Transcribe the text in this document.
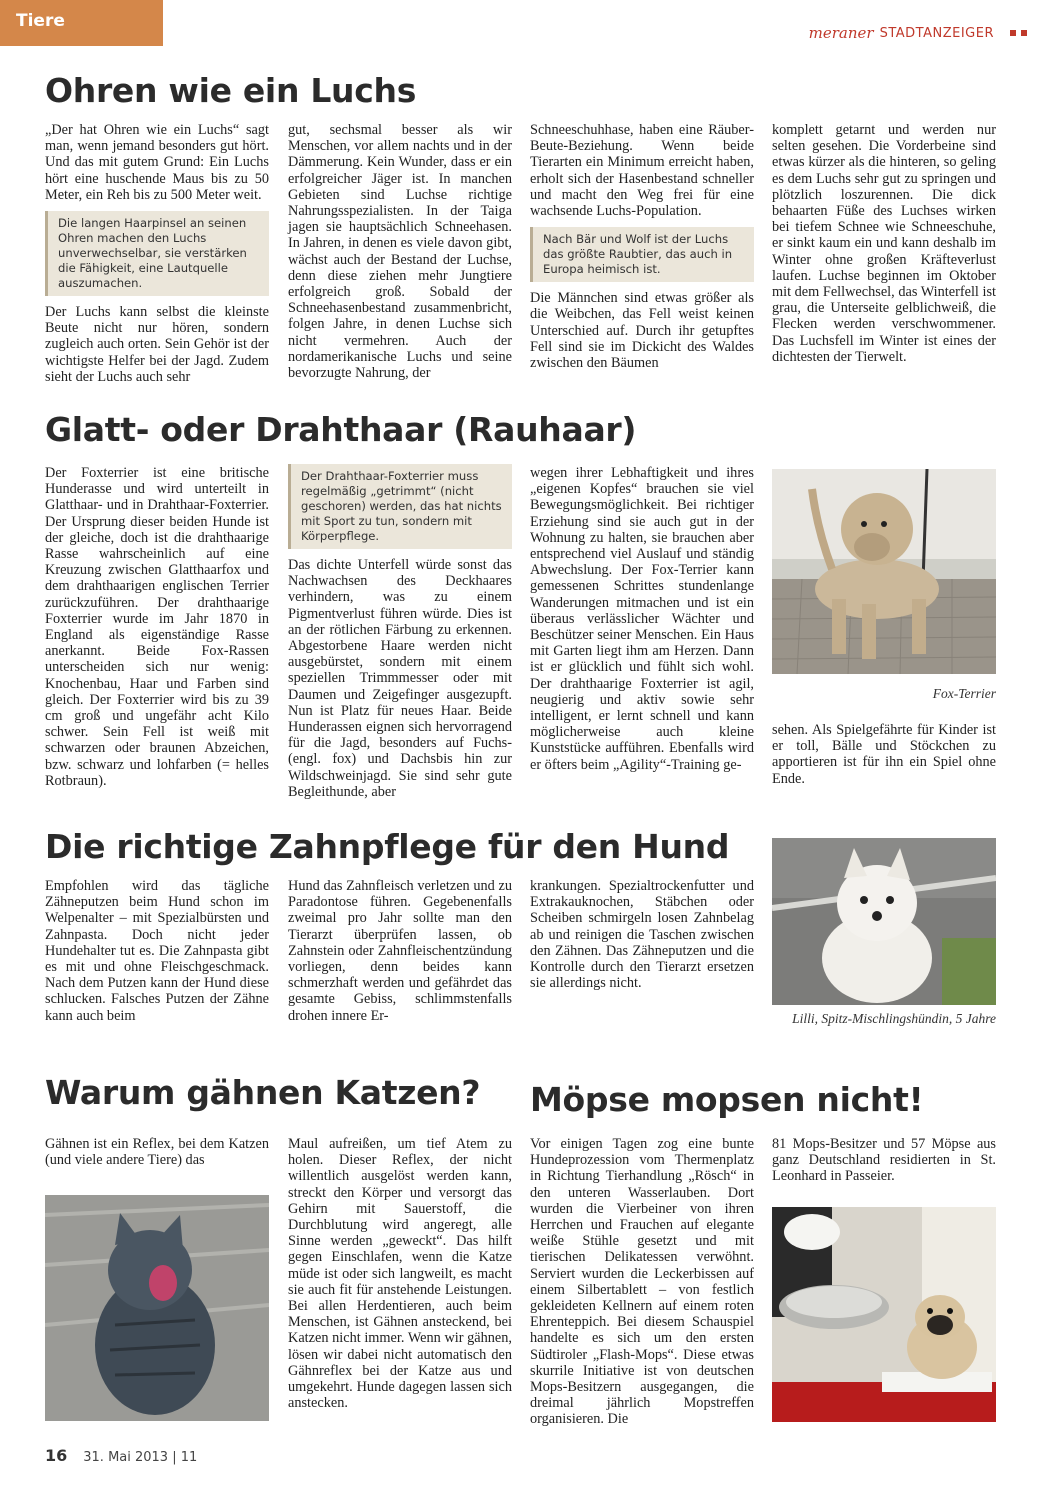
Tiere
meraner STADTANZEIGER
Ohren wie ein Luchs

„Der hat Ohren wie ein Luchs“ sagt man, wenn jemand besonders gut hört. Und das mit gutem Grund: Ein Luchs hört eine huschende Maus bis zu 50 Meter, ein Reh bis zu 500 Meter weit.

Die langen Haarpinsel an seinen Ohren machen den Luchs unverwechselbar, sie verstärken die Fähigkeit, eine Lautquelle auszumachen.

Der Luchs kann selbst die kleinste Beute nicht nur hören, sondern zugleich auch orten. Sein Gehör ist der wichtigste Helfer bei der Jagd. Zudem sieht der Luchs auch sehr

gut, sechsmal besser als wir Menschen, vor allem nachts und in der Dämmerung. Kein Wunder, dass er ein erfolgreicher Jäger ist. In manchen Gebieten sind Luchse richtige Nahrungsspezialisten. In der Taiga jagen sie hauptsächlich Schneehasen. In Jahren, in denen es viele davon gibt, wächst auch der Bestand der Luchse, denn diese ziehen mehr Jungtiere erfolgreich groß. Sobald der Schneehasenbestand zusammenbricht, folgen Jahre, in denen Luchse sich nicht vermehren. Auch der nordamerikanische Luchs und seine bevorzugte Nahrung, der

Schneeschuhhase, haben eine Räuber-Beute-Beziehung. Wenn beide Tierarten ein Minimum erreicht haben, erholt sich der Hasenbestand schneller und macht den Weg frei für eine wachsende Luchs-Population.

Nach Bär und Wolf ist der Luchs das größte Raubtier, das auch in Europa heimisch ist.

Die Männchen sind etwas größer als die Weibchen, das Fell weist keinen Unterschied auf. Durch ihr getupftes Fell sind sie im Dickicht des Waldes zwischen den Bäumen

komplett getarnt und werden nur selten gesehen. Die Vorderbeine sind etwas kürzer als die hinteren, so geling es dem Luchs sehr gut zu springen und plötzlich loszurennen. Die dick behaarten Füße des Luchses wirken bei tiefem Schnee wie Schneeschuhe, er sinkt kaum ein und kann deshalb im Winter ohne großen Kräfteverlust laufen. Luchse beginnen im Oktober mit dem Fellwechsel, das Winterfell ist grau, die Unterseite gelblichweiß, die Flecken werden verschwommener. Das Luchsfell im Winter ist eines der dichtesten der Tierwelt.

Glatt- oder Drahthaar (Rauhaar)

Der Foxterrier ist eine britische Hunderasse und wird unterteilt in Glatthaar- und in Drahthaar-Foxterrier. Der Ursprung dieser beiden Hunde ist der gleiche, doch ist die drahthaarige Rasse wahrscheinlich auf eine Kreuzung zwischen Glatthaarfox und dem drahthaarigen englischen Terrier zurückzuführen. Der drahthaarige Foxterrier wurde im Jahr 1870 in England als eigenständige Rasse anerkannt. Beide Fox-Rassen unterscheiden sich nur wenig: Knochenbau, Haar und Farben sind gleich. Der Foxterrier wird bis zu 39 cm groß und ungefähr acht Kilo schwer. Sein Fell ist weiß mit schwarzen oder braunen Abzeichen, bzw. schwarz und lohfarben (= helles Rotbraun).

Der Drahthaar-Foxterrier muss regelmäßig „getrimmt“ (nicht geschoren) werden, das hat nichts mit Sport zu tun, sondern mit Körperpflege.

Das dichte Unterfell würde sonst das Nachwachsen des Deckhaares verhindern, was zu einem Pigmentverlust führen würde. Dies ist an der rötlichen Färbung zu erkennen. Abgestorbene Haare werden nicht ausgebürstet, sondern mit einem speziellen Trimmmesser oder mit Daumen und Zeigefinger ausgezupft. Nun ist Platz für neues Haar. Beide Hunderassen eignen sich hervorragend für die Jagd, besonders auf Fuchs- (engl. fox) und Dachsbis hin zur Wildschweinjagd. Sie sind sehr gute Begleithunde, aber

wegen ihrer Lebhaftigkeit und ihres „eigenen Kopfes“ brauchen sie viel Bewegungsmöglichkeit. Bei richtiger Erziehung sind sie auch gut in der Wohnung zu halten, sie brauchen aber entsprechend viel Auslauf und ständig Abwechslung. Der Fox-Terrier kann gemessenen Schrittes stundenlange Wanderungen mitmachen und ist ein überaus verlässlicher Wächter und Beschützer seiner Menschen. Ein Haus mit Garten liegt ihm am Herzen. Dann ist er glücklich und fühlt sich wohl. Der drahthaarige Foxterrier ist agil, neugierig und aktiv sowie sehr intelligent, er lernt schnell und kann möglicherweise auch kleine Kunststücke aufführen. Ebenfalls wird er öfters beim „Agility“-Training ge-

Fox-Terrier

sehen. Als Spielgefährte für Kinder ist er toll, Bälle und Stöckchen zu apportieren ist für ihn ein Spiel ohne Ende.

Die richtige Zahnpflege für den Hund

Empfohlen wird das tägliche Zähneputzen beim Hund schon im Welpenalter – mit Spezialbürsten und Zahnpasta. Doch nicht jeder Hundehalter tut es. Die Zahnpasta gibt es mit und ohne Fleischgeschmack. Nach dem Putzen kann der Hund diese schlucken. Falsches Putzen der Zähne kann auch beim

Hund das Zahnfleisch verletzen und zu Paradontose führen. Gegebenenfalls zweimal pro Jahr sollte man den Tierarzt überprüfen lassen, ob Zahnstein oder Zahnfleischentzündung vorliegen, denn beides kann schmerzhaft werden und gefährdet das gesamte Gebiss, schlimmstenfalls drohen innere Er-

krankungen. Spezialtrockenfutter und Extrakauknochen, Stäbchen oder Scheiben schmirgeln losen Zahnbelag ab und reinigen die Taschen zwischen den Zähnen. Das Zähneputzen und die Kontrolle durch den Tierarzt ersetzen sie allerdings nicht.

Lilli, Spitz-Mischlingshündin, 5 Jahre
Warum gähnen Katzen?

Gähnen ist ein Reflex, bei dem Katzen (und viele andere Tiere) das

Maul aufreißen, um tief Atem zu holen. Dieser Reflex, der nicht willentlich ausgelöst werden kann, streckt den Körper und versorgt das Gehirn mit Sauerstoff, die Durchblutung wird angeregt, alle Sinne werden „geweckt“. Das hilft gegen Einschlafen, wenn die Katze müde ist oder sich langweilt, es macht sie auch fit für anstehende Leistungen. Bei allen Herdentieren, auch beim Menschen, ist Gähnen ansteckend, bei Katzen nicht immer. Wenn wir gähnen, lösen wir dabei nicht automatisch den Gähnreflex bei der Katze aus und umgekehrt. Hunde dagegen lassen sich anstecken.

Möpse mopsen nicht!

Vor einigen Tagen zog eine bunte Hundeprozession vom Thermenplatz in Richtung Tierhandlung „Rösch“ in den unteren Wasserlauben. Dort wurden die Vierbeiner von ihren Herrchen und Frauchen auf elegante weiße Stühle gesetzt und mit tierischen Delikatessen verwöhnt. Serviert wurden die Leckerbissen auf einem Silbertablett – von festlich gekleideten Kellnern auf einem roten Ehrenteppich. Bei diesem Schauspiel handelte es sich um den ersten Südtiroler „Flash-Mops“. Diese etwas skurrile Initiative ist von deutschen Mops-Besitzern ausgegangen, die dreimal jährlich Mopstreffen organisieren. Die

81 Mops-Besitzer und 57 Möpse aus ganz Deutschland residierten in St. Leonhard in Passeier.

16 31. Mai 2013 | 11
